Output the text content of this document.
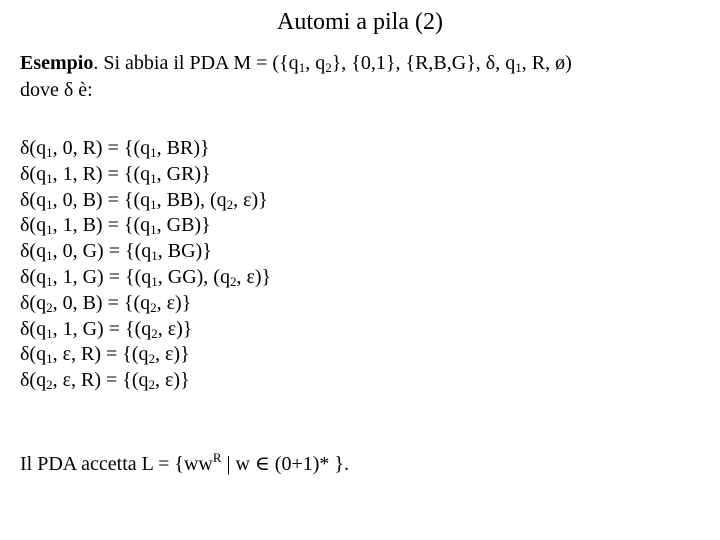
Automi a pila (2)
Esempio. Si abbia il PDA $M = (\{q_1$, $q_2$}, {0,1}, {R,B,G}, δ, $q_1$, R, ø)
dove δ è:
$\delta(q_1$, 0, $R) = \{(q_1$, BR)}
$\delta(q_1$, 1, $R) = \{(q_1$, GR)}
$\delta(q_1$, 0, $B) = \{(q_1$, BB), ($q_2$, ε)}
$\delta(q_1$, 1, $B) = \{(q_1$, GB)}
$\delta(q_1$, 0, $G) = \{(q_1$, BG)}
$\delta(q_1$, 1, $G) = \{(q_1$, GG), ($q_2$, ε)}
$\delta(q_2$, 0, $B) = \{(q_2$, ε)}
$\delta(q_1$, 1, $G) = \{(q_2$, ε)}
$\delta(q_1$, ε, $R) = \{(q_2$, ε)}
$\delta(q_2$, ε, $R) = \{(q_2$, ε)}
Il PDA accetta $L = \{ww^R$ | w ∈ (0+1)* }.
